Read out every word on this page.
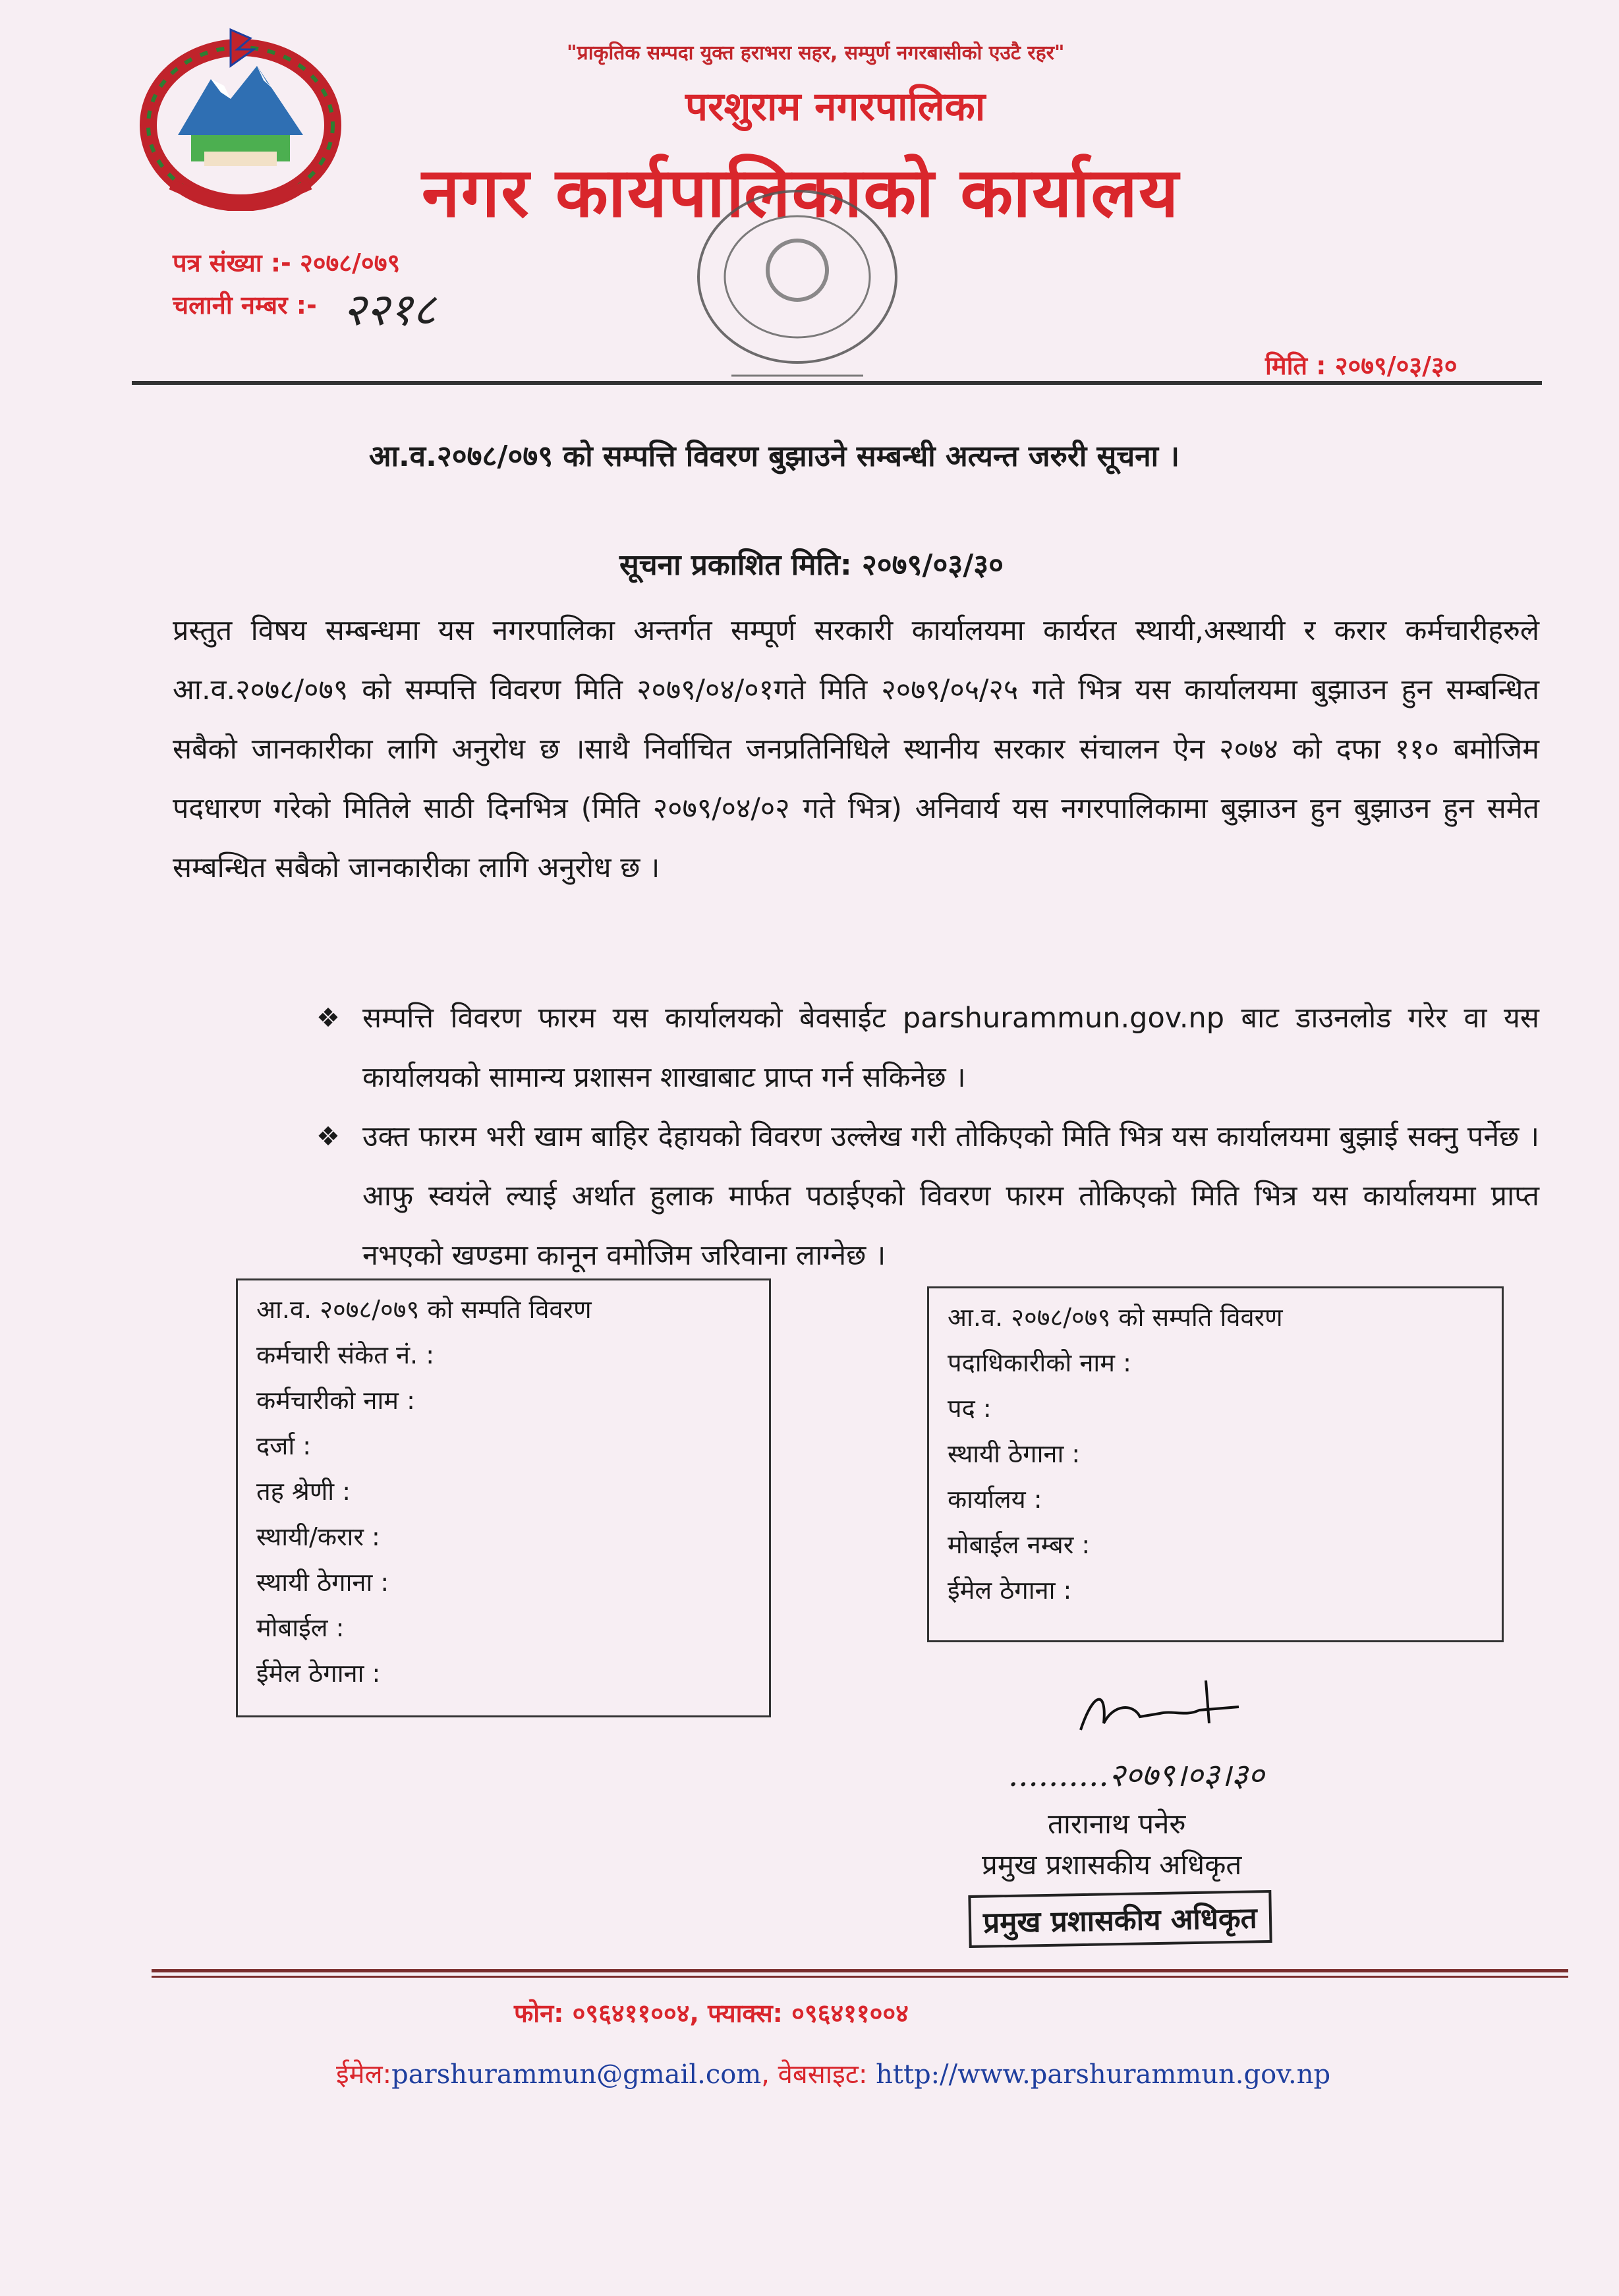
"प्राकृतिक सम्पदा युक्त हराभरा सहर, सम्पुर्ण नगरबासीको एउटै रहर"
परशुराम नगरपालिका
नगर कार्यपालिकाको कार्यालय
पत्र संख्या :- २०७८/०७९
चलानी नम्बर :- २२१८
मिति : २०७९/०३/३०
आ.व.२०७८/०७९ को सम्पत्ति विवरण बुझाउने सम्बन्धी अत्यन्त जरुरी सूचना ।
सूचना प्रकाशित मिति: २०७९/०३/३०
प्रस्तुत विषय सम्बन्धमा यस नगरपालिका अन्तर्गत सम्पूर्ण सरकारी कार्यालयमा कार्यरत स्थायी,अस्थायी र करार कर्मचारीहरुले आ.व.२०७८/०७९ को सम्पत्ति विवरण मिति २०७९/०४/०१गते मिति २०७९/०५/२५ गते भित्र यस कार्यालयमा बुझाउन हुन सम्बन्धित सबैको जानकारीका लागि अनुरोध छ ।साथै निर्वाचित जनप्रतिनिधिले स्थानीय सरकार संचालन ऐन २०७४ को दफा ११० बमोजिम पदधारण गरेको मितिले साठी दिनभित्र (मिति २०७९/०४/०२ गते भित्र) अनिवार्य यस नगरपालिकामा बुझाउन हुन बुझाउन हुन समेत सम्बन्धित सबैको जानकारीका लागि अनुरोध छ ।
❖ सम्पत्ति विवरण फारम यस कार्यालयको बेवसाईट parshurammun.gov.np बाट डाउनलोड गरेर वा यस कार्यालयको सामान्य प्रशासन शाखाबाट प्राप्त गर्न सकिनेछ ।
❖ उक्त फारम भरी खाम बाहिर देहायको विवरण उल्लेख गरी तोकिएको मिति भित्र यस कार्यालयमा बुझाई सक्नु पर्नेछ । आफु स्वयंले ल्याई अर्थात हुलाक मार्फत पठाईएको विवरण फारम तोकिएको मिति भित्र यस कार्यालयमा प्राप्त नभएको खण्डमा कानून वमोजिम जरिवाना लाग्नेछ ।
आ.व. २०७८/०७९ को सम्पति विवरण
कर्मचारी संकेत नं. :
कर्मचारीको नाम :
दर्जा :
तह श्रेणी :
स्थायी/करार :
स्थायी ठेगाना :
मोबाईल :
ईमेल ठेगाना :
आ.व. २०७८/०७९ को सम्पति विवरण
पदाधिकारीको नाम :
पद :
स्थायी ठेगाना :
कार्यालय :
मोबाईल नम्बर :
ईमेल ठेगाना :
..........२०७९।०३।३०
तारानाथ पनेरु
प्रमुख प्रशासकीय अधिकृत
प्रमुख प्रशासकीय अधिकृत
फोन: ०९६४११००४, फ्याक्स: ०९६४११००४
ईमेल:parshurammun@gmail.com, वेबसाइट: http://www.parshurammun.gov.np
